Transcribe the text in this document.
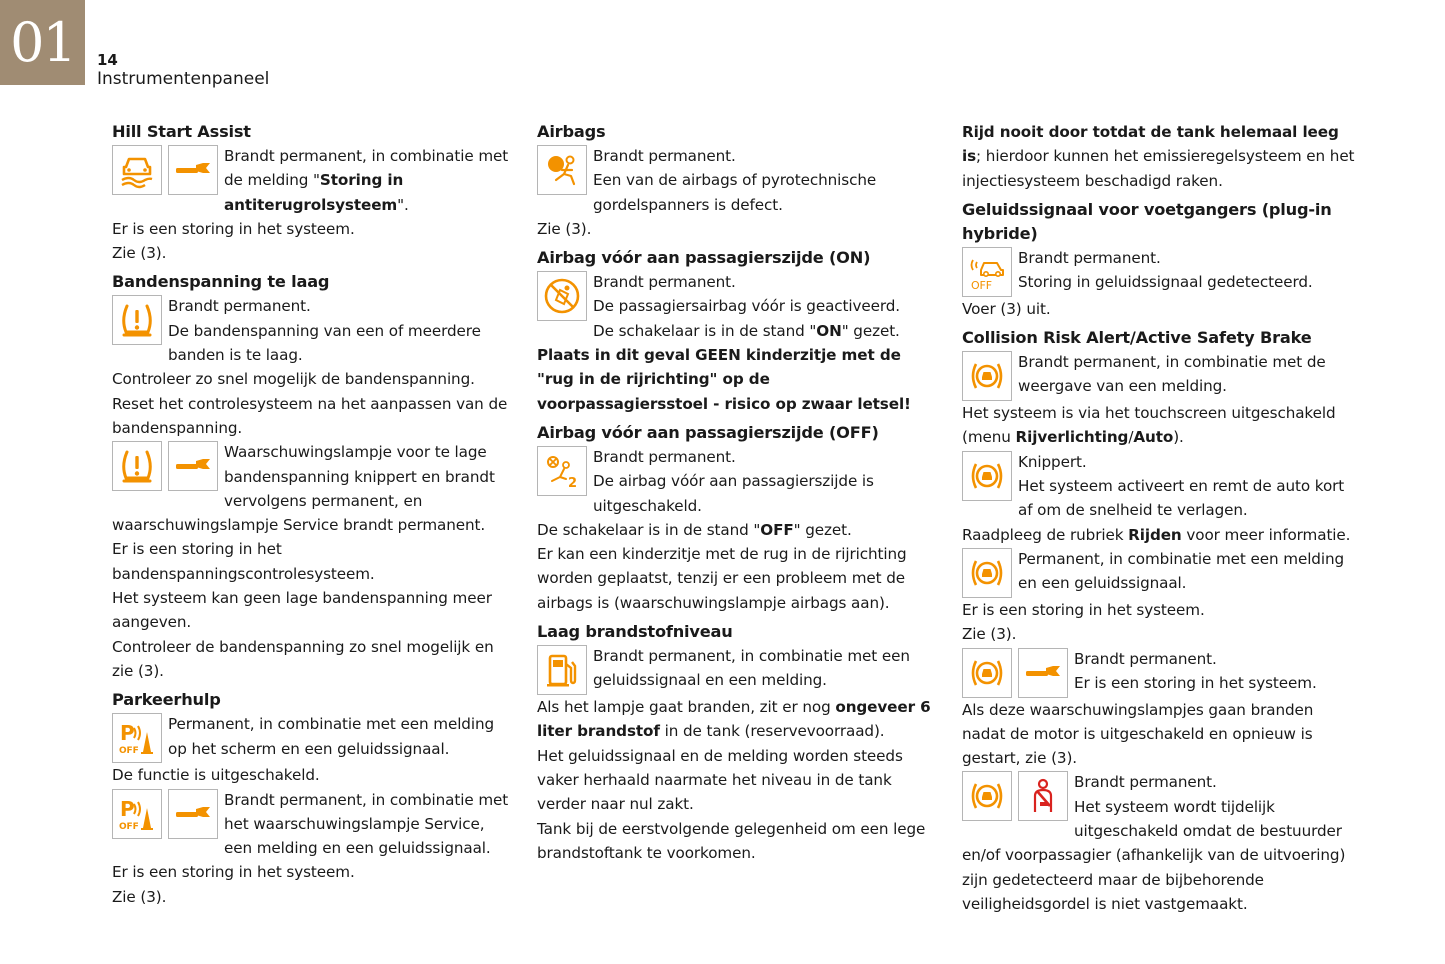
01	14
Instrumentenpaneel
Hill Start Assist

Brandt permanent, in combinatie met de melding "Storing in antiterugrolsysteem".

Er is een storing in het systeem.

Zie (3).

Bandenspanning te laag

Brandt permanent.

De bandenspanning van een of meerdere banden is te laag.

Controleer zo snel mogelijk de bandenspanning.

Reset het controlesysteem na het aanpassen van de bandenspanning.

Waarschuwingslampje voor te lage bandenspanning knippert en brandt vervolgens permanent, en waarschuwingslampje Service brandt permanent.

Er is een storing in het bandenspanningscontrolesysteem.

Het systeem kan geen lage bandenspanning meer aangeven.

Controleer de bandenspanning zo snel mogelijk en zie (3).

Parkeerhulp
P
OFF

Permanent, in combinatie met een melding op het scherm en een geluidssignaal.

De functie is uitgeschakeld.

P
OFF

Brandt permanent, in combinatie met het waarschuwingslampje Service, een melding en een geluidssignaal.

Er is een storing in het systeem.

Zie (3).

Airbags

Brandt permanent.

Een van de airbags of pyrotechnische gordelspanners is defect.

Zie (3).

Airbag vóór aan passagierszijde (ON)

Brandt permanent.

De passagiersairbag vóór is geactiveerd.

De schakelaar is in de stand "ON" gezet.

Plaats in dit geval GEEN kinderzitje met de "rug in de rijrichting" op de voorpassagiersstoel - risico op zwaar letsel!

Airbag vóór aan passagierszijde (OFF)
2

Brandt permanent.

De airbag vóór aan passagierszijde is uitgeschakeld.

De schakelaar is in de stand "OFF" gezet.

Er kan een kinderzitje met de rug in de rijrichting worden geplaatst, tenzij er een probleem met de airbags is (waarschuwingslampje airbags aan).

Laag brandstofniveau

Brandt permanent, in combinatie met een geluidssignaal en een melding.

Als het lampje gaat branden, zit er nog ongeveer 6 liter brandstof in de tank (reservevoorraad).

Het geluidssignaal en de melding worden steeds vaker herhaald naarmate het niveau in de tank verder naar nul zakt.

Tank bij de eerstvolgende gelegenheid om een lege brandstoftank te voorkomen.

Rijd nooit door totdat de tank helemaal leeg is; hierdoor kunnen het emissieregelsysteem en het injectiesysteem beschadigd raken.

Geluidssignaal voor voetgangers (plug-in hybride)
OFF

Brandt permanent.

Storing in geluidssignaal gedetecteerd.

Voer (3) uit.

Collision Risk Alert/Active Safety Brake

Brandt permanent, in combinatie met de weergave van een melding.

Het systeem is via het touchscreen uitgeschakeld (menu Rijverlichting/Auto).

Knippert.

Het systeem activeert en remt de auto kort af om de snelheid te verlagen.

Raadpleeg de rubriek Rijden voor meer informatie.

Permanent, in combinatie met een melding en een geluidssignaal.

Er is een storing in het systeem.

Zie (3).

Brandt permanent.

Er is een storing in het systeem.

Als deze waarschuwingslampjes gaan branden nadat de motor is uitgeschakeld en opnieuw is gestart, zie (3).

Brandt permanent.

Het systeem wordt tijdelijk uitgeschakeld omdat de bestuurder en/of voorpassagier (afhankelijk van de uitvoering) zijn gedetecteerd maar de bijbehorende veiligheidsgordel is niet vastgemaakt.
